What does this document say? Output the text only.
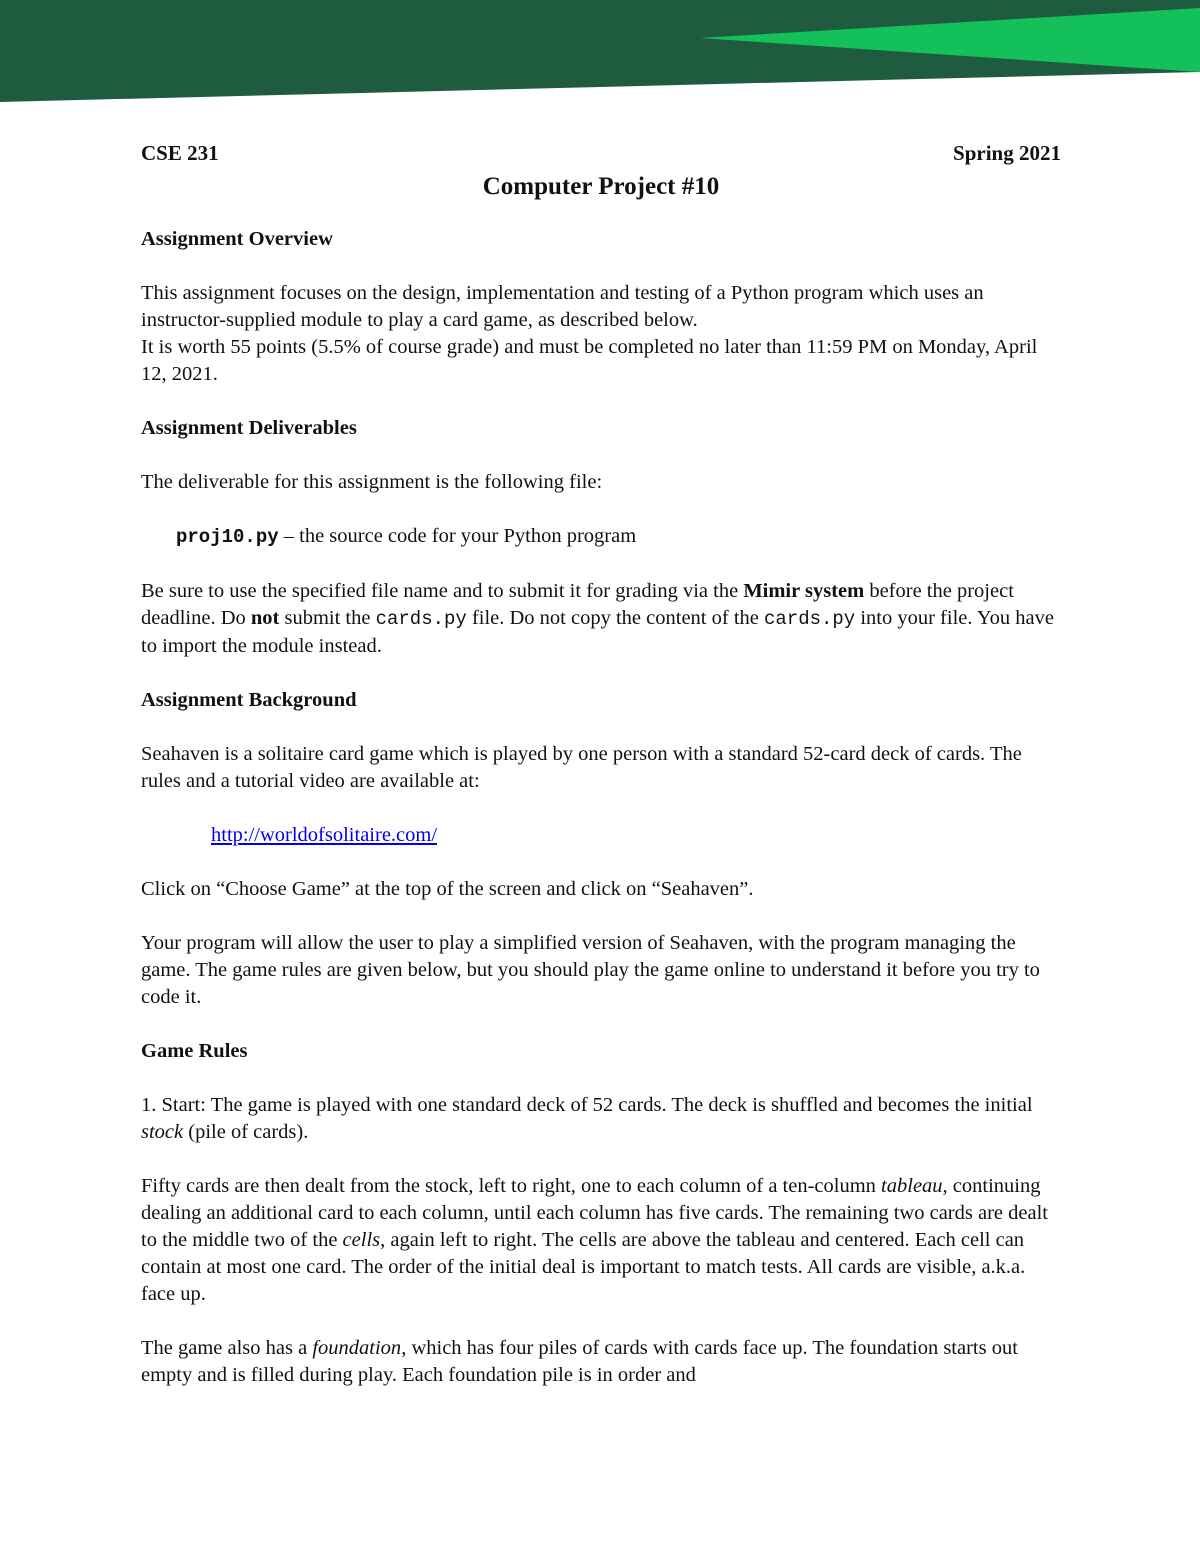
CSE 231	Spring 2021
Computer Project #10
Assignment Overview

This assignment focuses on the design, implementation and testing of a Python program which uses an instructor-supplied module to play a card game, as described below.

It is worth 55 points (5.5% of course grade) and must be completed no later than 11:59 PM on Monday, April 12, 2021.

Assignment Deliverables

The deliverable for this assignment is the following file:

proj10.py – the source code for your Python program

Be sure to use the specified file name and to submit it for grading via the Mimir system before the project deadline. Do not submit the cards.py file. Do not copy the content of the cards.py into your file. You have to import the module instead.

Assignment Background

Seahaven is a solitaire card game which is played by one person with a standard 52-card deck of cards. The rules and a tutorial video are available at:

http://worldofsolitaire.com/

Click on “Choose Game” at the top of the screen and click on “Seahaven”.

Your program will allow the user to play a simplified version of Seahaven, with the program managing the game. The game rules are given below, but you should play the game online to understand it before you try to code it.

Game Rules

1. Start: The game is played with one standard deck of 52 cards. The deck is shuffled and becomes the initial stock (pile of cards).

Fifty cards are then dealt from the stock, left to right, one to each column of a ten-column tableau, continuing dealing an additional card to each column, until each column has five cards. The remaining two cards are dealt to the middle two of the cells, again left to right. The cells are above the tableau and centered. Each cell can contain at most one card. The order of the initial deal is important to match tests. All cards are visible, a.k.a. face up.

The game also has a foundation, which has four piles of cards with cards face up. The foundation starts out empty and is filled during play. Each foundation pile is in order and
